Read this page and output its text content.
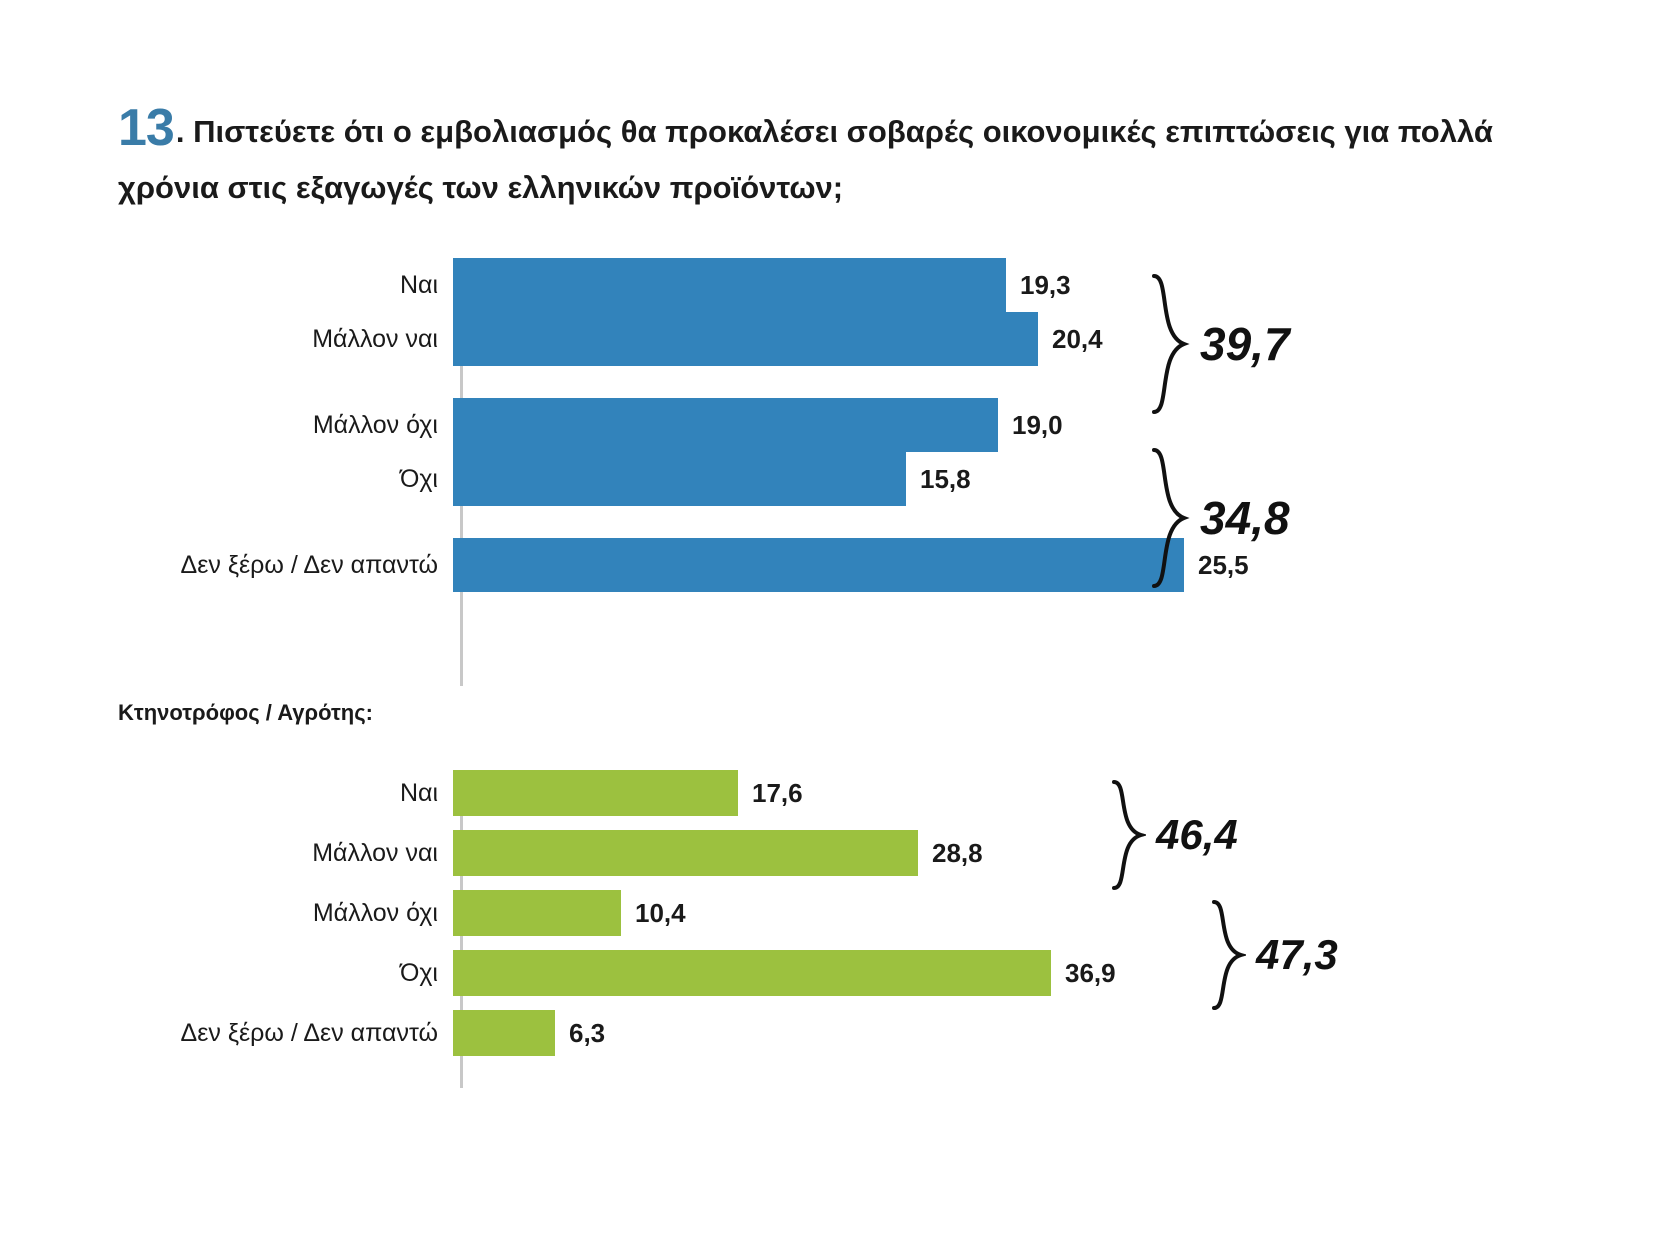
13. Πιστεύετε ότι ο εμβολιασμός θα προκαλέσει σοβαρές οικονομικές επιπτώσεις για πολλά χρόνια στις εξαγωγές των ελληνικών προϊόντων;
Ναι	19,3
Μάλλον ναι	20,4
Μάλλον όχι	19,0
Όχι	15,8
Δεν ξέρω / Δεν απαντώ	25,5
39,7
34,8
Κτηνοτρόφος / Αγρότης:
Ναι	17,6
Μάλλον ναι	28,8
Μάλλον όχι	10,4
Όχι	36,9
Δεν ξέρω / Δεν απαντώ	6,3
46,4
47,3
